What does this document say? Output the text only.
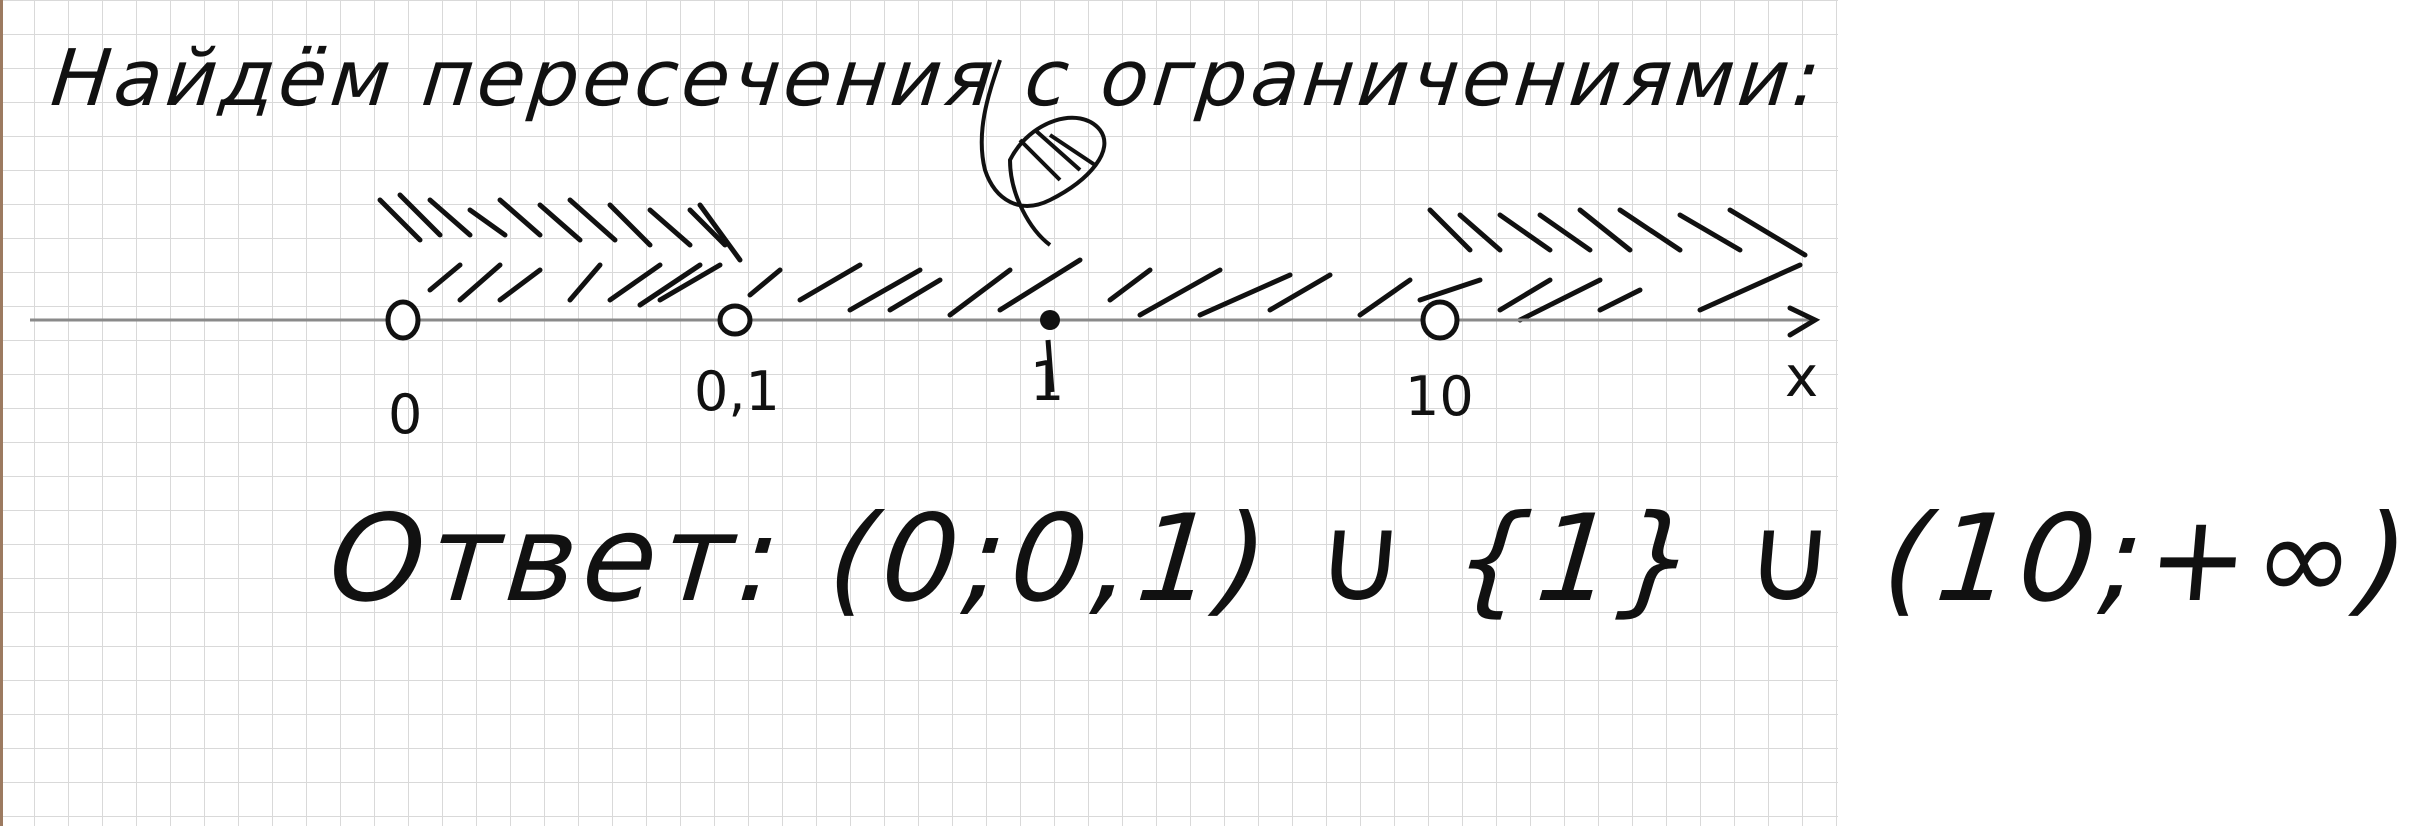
Найдём пересечения с ограничениями:
0	0,1	1	10	x
Ответ: (0;0,1) ∪ {1} ∪ (10;+∞)
